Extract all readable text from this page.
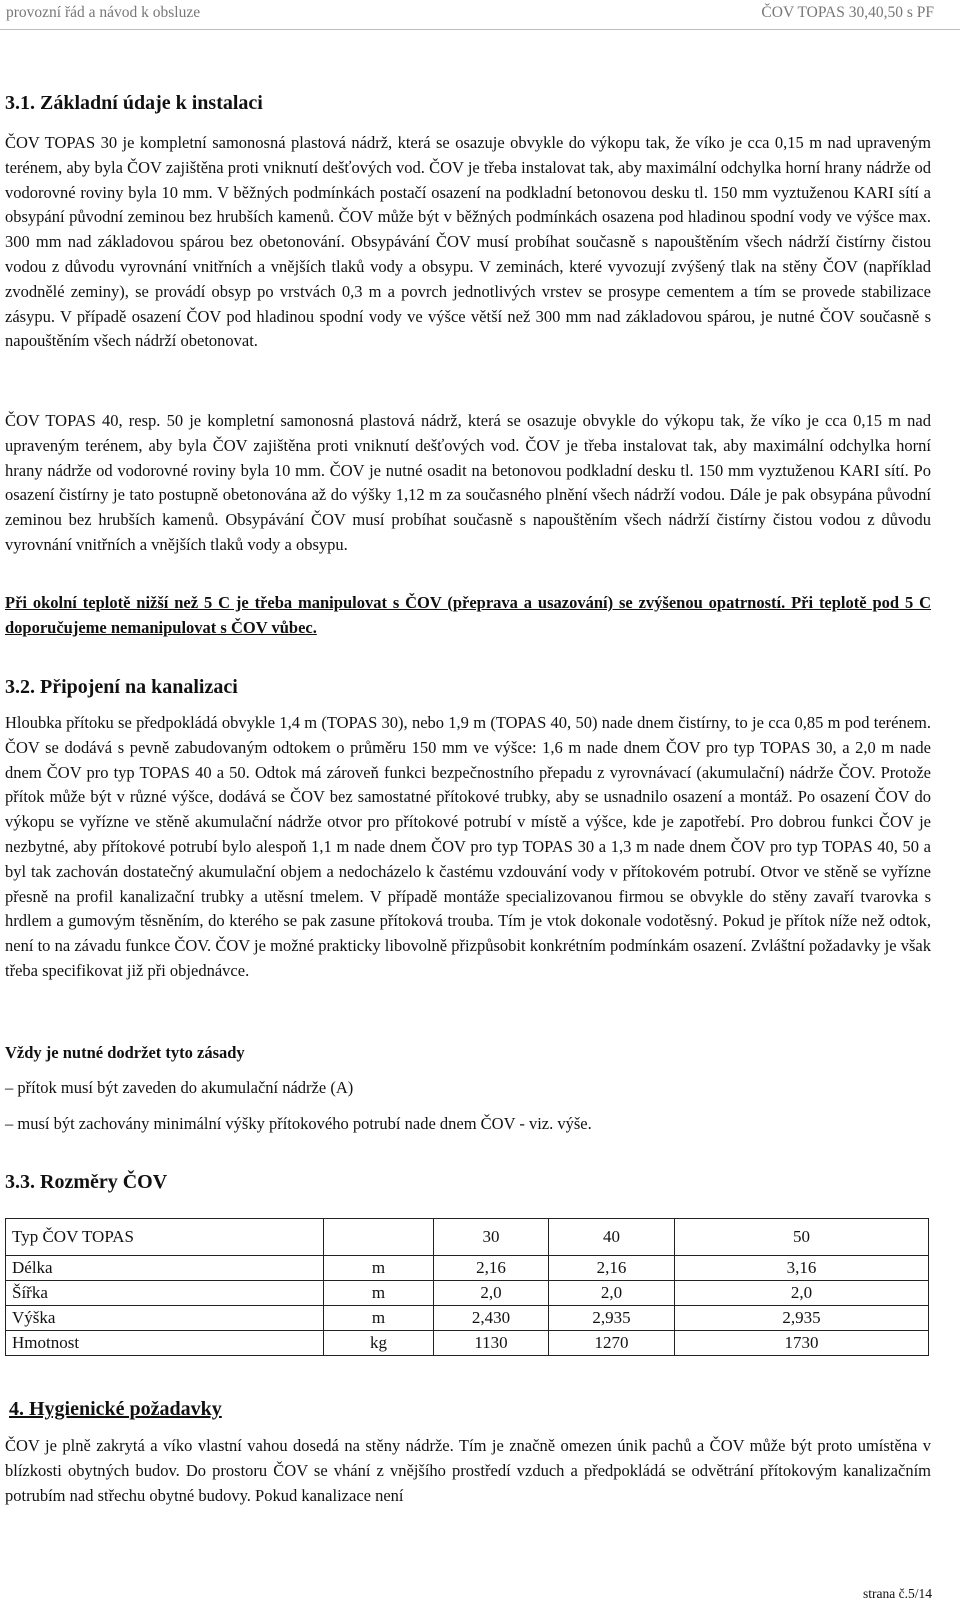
provozní řád a návod k obsluze	ČOV TOPAS 30,40,50 s PF
3.1. Základní údaje k instalaci

ČOV TOPAS 30 je kompletní samonosná plastová nádrž, která se osazuje obvykle do výkopu tak, že víko je cca 0,15 m nad upraveným terénem, aby byla ČOV zajištěna proti vniknutí dešťových vod. ČOV je třeba instalovat tak, aby maximální odchylka horní hrany nádrže od vodorovné roviny byla 10 mm. V běžných podmínkách postačí osazení na podkladní betonovou desku tl. 150 mm vyztuženou KARI sítí a obsypání původní zeminou bez hrubších kamenů. ČOV může být v běžných podmínkách osazena pod hladinou spodní vody ve výšce max. 300 mm nad základovou spárou bez obetonování. Obsypávání ČOV musí probíhat současně s napouštěním všech nádrží čistírny čistou vodou z důvodu vyrovnání vnitřních a vnějších tlaků vody a obsypu. V zeminách, které vyvozují zvýšený tlak na stěny ČOV (například zvodnělé zeminy), se provádí obsyp po vrstvách 0,3 m a povrch jednotlivých vrstev se prosype cementem a tím se provede stabilizace zásypu. V případě osazení ČOV pod hladinou spodní vody ve výšce větší než 300 mm nad základovou spárou, je nutné ČOV současně s napouštěním všech nádrží obetonovat.

ČOV TOPAS 40, resp. 50 je kompletní samonosná plastová nádrž, která se osazuje obvykle do výkopu tak, že víko je cca 0,15 m nad upraveným terénem, aby byla ČOV zajištěna proti vniknutí dešťových vod. ČOV je třeba instalovat tak, aby maximální odchylka horní hrany nádrže od vodorovné roviny byla 10 mm. ČOV je nutné osadit na betonovou podkladní desku tl. 150 mm vyztuženou KARI sítí. Po osazení čistírny je tato postupně obetonována až do výšky 1,12 m za současného plnění všech nádrží vodou. Dále je pak obsypána původní zeminou bez hrubších kamenů. Obsypávání ČOV musí probíhat současně s napouštěním všech nádrží čistírny čistou vodou z důvodu vyrovnání vnitřních a vnějších tlaků vody a obsypu.

Při okolní teplotě nižší než 5 C je třeba manipulovat s ČOV (přeprava a usazování) se zvýšenou opatrností. Při teplotě pod 5 C doporučujeme nemanipulovat s ČOV vůbec.

3.2. Připojení na kanalizaci

Hloubka přítoku se předpokládá obvykle 1,4 m (TOPAS 30), nebo 1,9 m (TOPAS 40, 50) nade dnem čistírny, to je cca 0,85 m pod terénem. ČOV se dodává s pevně zabudovaným odtokem o průměru 150 mm ve výšce: 1,6 m nade dnem ČOV pro typ TOPAS 30, a 2,0 m nade dnem ČOV pro typ TOPAS 40 a 50. Odtok má zároveň funkci bezpečnostního přepadu z vyrovnávací (akumulační) nádrže ČOV. Protože přítok může být v různé výšce, dodává se ČOV bez samostatné přítokové trubky, aby se usnadnilo osazení a montáž. Po osazení ČOV do výkopu se vyřízne ve stěně akumulační nádrže otvor pro přítokové potrubí v místě a výšce, kde je zapotřebí. Pro dobrou funkci ČOV je nezbytné, aby přítokové potrubí bylo alespoň 1,1 m nade dnem ČOV pro typ TOPAS 30 a 1,3 m nade dnem ČOV pro typ TOPAS 40, 50 a byl tak zachován dostatečný akumulační objem a nedocházelo k častému vzdouvání vody v přítokovém potrubí. Otvor ve stěně se vyřízne přesně na profil kanalizační trubky a utěsní tmelem. V případě montáže specializovanou firmou se obvykle do stěny zavaří tvarovka s hrdlem a gumovým těsněním, do kterého se pak zasune přítoková trouba. Tím je vtok dokonale vodotěsný. Pokud je přítok níže než odtok, není to na závadu funkce ČOV. ČOV je možné prakticky libovolně přizpůsobit konkrétním podmínkám osazení. Zvláštní požadavky je však třeba specifikovat již při objednávce.

Vždy je nutné dodržet tyto zásady

– přítok musí být zaveden do akumulační nádrže (A)

– musí být zachovány minimální výšky přítokového potrubí nade dnem ČOV - viz. výše.

3.3. Rozměry ČOV
Typ ČOV TOPAS		30	40	50
Délka	m	2,16	2,16	3,16
Šířka	m	2,0	2,0	2,0
Výška	m	2,430	2,935	2,935
Hmotnost	kg	1130	1270	1730
4. Hygienické požadavky

ČOV je plně zakrytá a víko vlastní vahou dosedá na stěny nádrže. Tím je značně omezen únik pachů a ČOV může být proto umístěna v blízkosti obytných budov. Do prostoru ČOV se vhání z vnějšího prostředí vzduch a předpokládá se odvětrání přítokovým kanalizačním potrubím nad střechu obytné budovy. Pokud kanalizace není

strana č.5/14
